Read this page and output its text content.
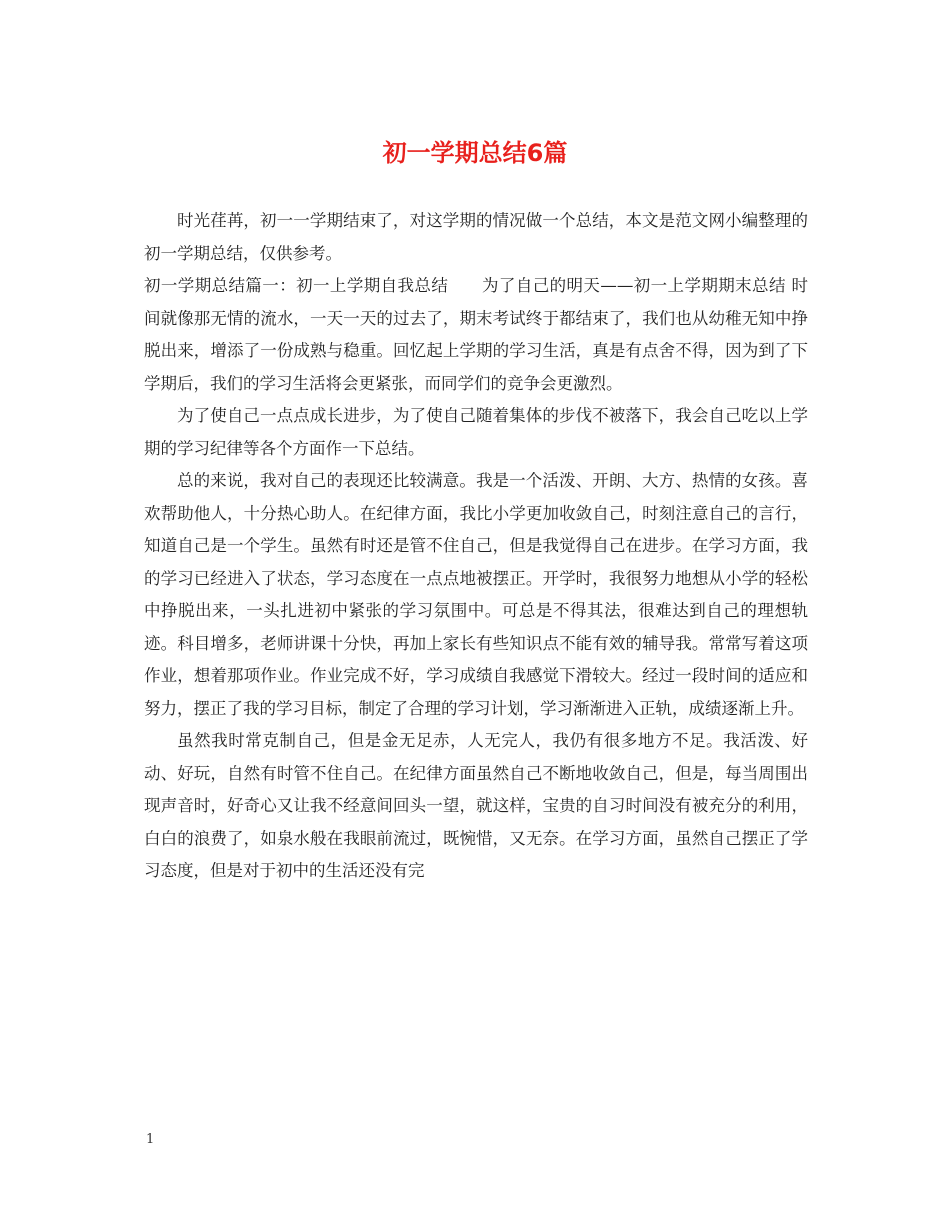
初一学期总结6篇

时光荏苒，初一一学期结束了，对这学期的情况做一个总结，本文是范文网小编整理的初一学期总结，仅供参考。

初一学期总结篇一：初一上学期自我总结　　为了自己的明天——初一上学期期末总结 时间就像那无情的流水，一天一天的过去了，期末考试终于都结束了，我们也从幼稚无知中挣脱出来，增添了一份成熟与稳重。回忆起上学期的学习生活，真是有点舍不得，因为到了下学期后，我们的学习生活将会更紧张，而同学们的竞争会更激烈。

为了使自己一点点成长进步，为了使自己随着集体的步伐不被落下，我会自己吃以上学期的学习纪律等各个方面作一下总结。

总的来说，我对自己的表现还比较满意。我是一个活泼、开朗、大方、热情的女孩。喜欢帮助他人，十分热心助人。在纪律方面，我比小学更加收敛自己，时刻注意自己的言行，知道自己是一个学生。虽然有时还是管不住自己，但是我觉得自己在进步。在学习方面，我的学习已经进入了状态，学习态度在一点点地被摆正。开学时，我很努力地想从小学的轻松中挣脱出来，一头扎进初中紧张的学习氛围中。可总是不得其法，很难达到自己的理想轨迹。科目增多，老师讲课十分快，再加上家长有些知识点不能有效的辅导我。常常写着这项作业，想着那项作业。作业完成不好，学习成绩自我感觉下滑较大。经过一段时间的适应和努力，摆正了我的学习目标，制定了合理的学习计划，学习渐渐进入正轨，成绩逐渐上升。

虽然我时常克制自己，但是金无足赤，人无完人，我仍有很多地方不足。我活泼、好动、好玩，自然有时管不住自己。在纪律方面虽然自己不断地收敛自己，但是，每当周围出现声音时，好奇心又让我不经意间回头一望，就这样，宝贵的自习时间没有被充分的利用，白白的浪费了，如泉水般在我眼前流过，既惋惜，又无奈。在学习方面，虽然自己摆正了学习态度，但是对于初中的生活还没有完

1
